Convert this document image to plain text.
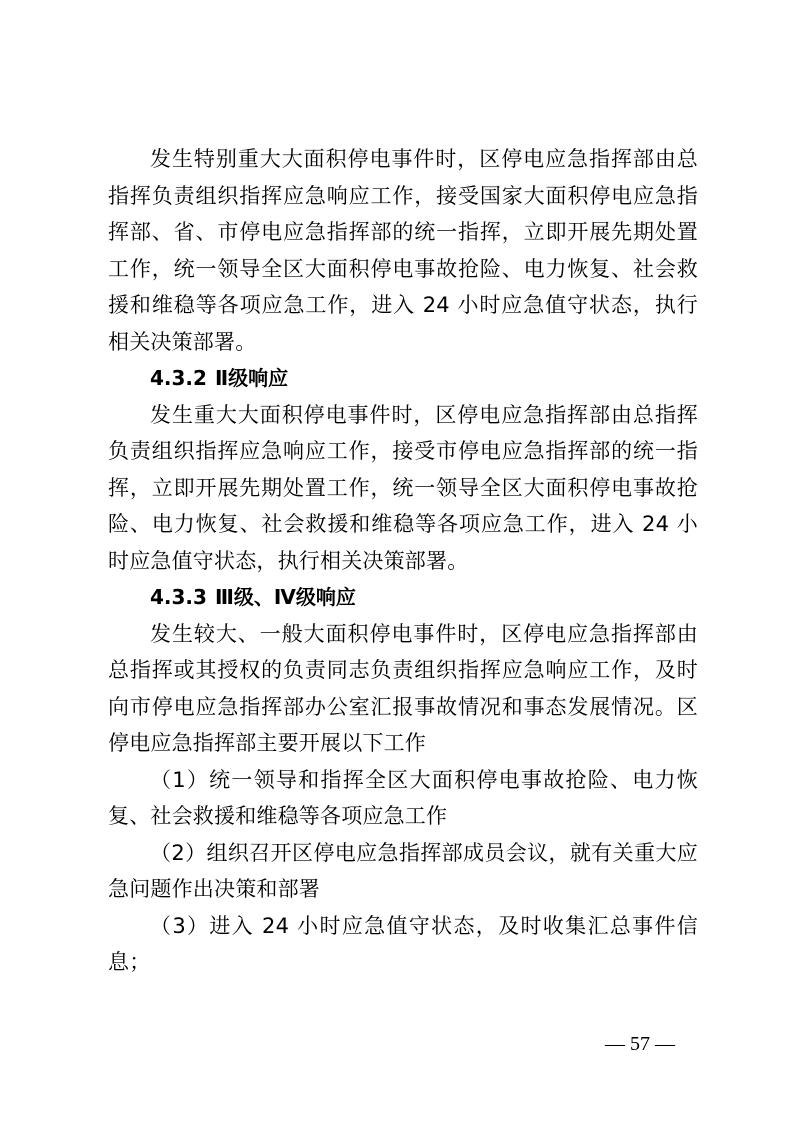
发生特别重大大面积停电事件时，区停电应急指挥部由总指挥负责组织指挥应急响应工作，接受国家大面积停电应急指挥部、省、市停电应急指挥部的统一指挥，立即开展先期处置工作，统一领导全区大面积停电事故抢险、电力恢复、社会救援和维稳等各项应急工作，进入 24 小时应急值守状态，执行相关决策部署。

4.3.2 Ⅱ级响应

发生重大大面积停电事件时，区停电应急指挥部由总指挥负责组织指挥应急响应工作，接受市停电应急指挥部的统一指挥，立即开展先期处置工作，统一领导全区大面积停电事故抢险、电力恢复、社会救援和维稳等各项应急工作，进入 24 小时应急值守状态，执行相关决策部署。

4.3.3 Ⅲ级、Ⅳ级响应

发生较大、一般大面积停电事件时，区停电应急指挥部由总指挥或其授权的负责同志负责组织指挥应急响应工作，及时向市停电应急指挥部办公室汇报事故情况和事态发展情况。区停电应急指挥部主要开展以下工作

（1）统一领导和指挥全区大面积停电事故抢险、电力恢复、社会救援和维稳等各项应急工作

（2）组织召开区停电应急指挥部成员会议，就有关重大应急问题作出决策和部署

（3）进入 24 小时应急值守状态，及时收集汇总事件信息；

— 57 —
